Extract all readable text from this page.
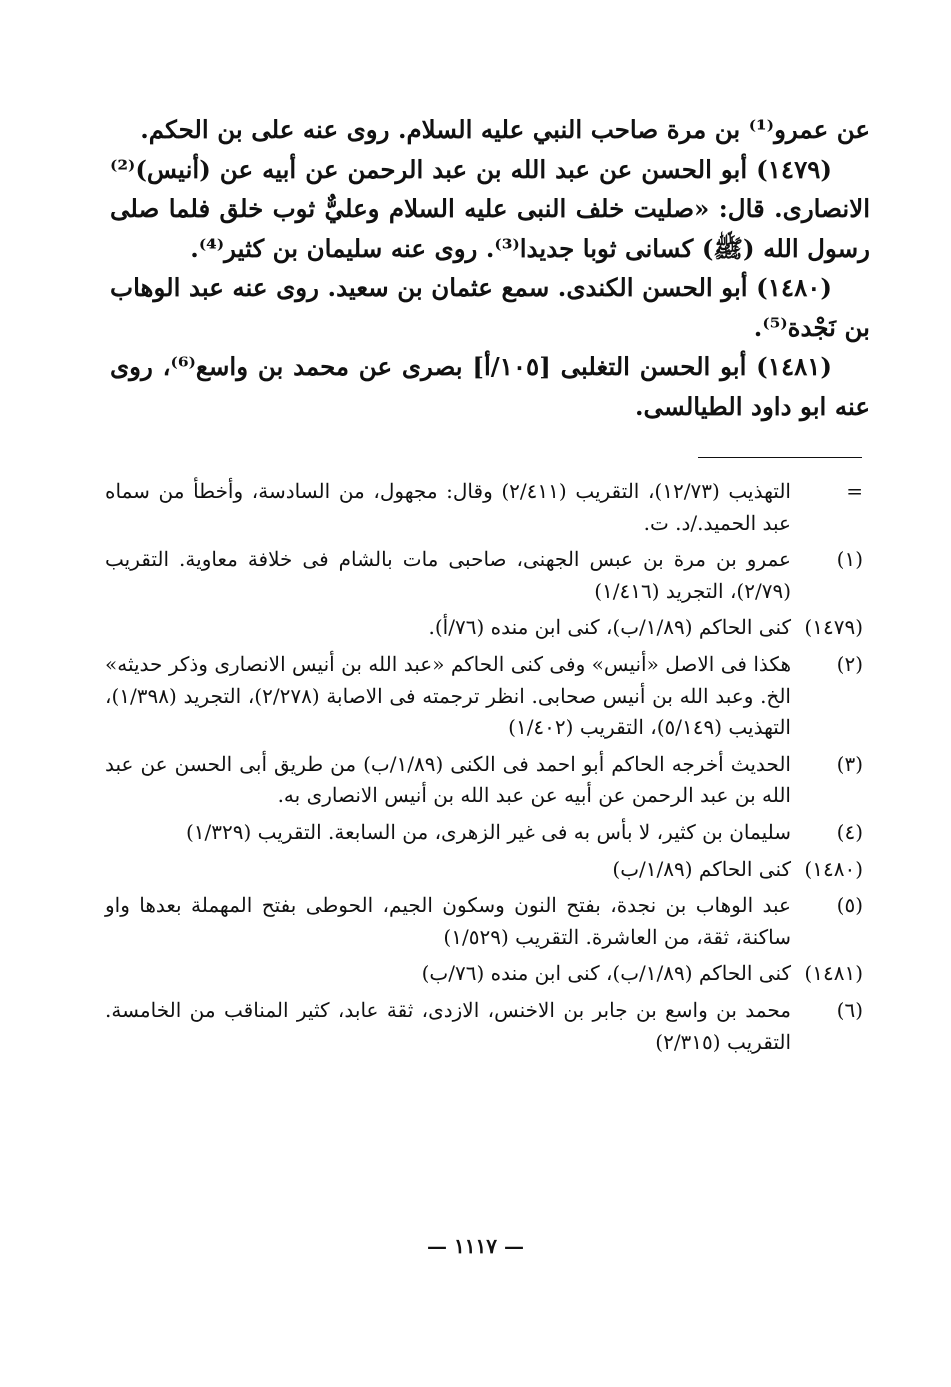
عن عمرو⁽¹⁾ بن مرة صاحب النبي عليه السلام. روى عنه على بن الحكم.

(١٤٧٩) أبو الحسن عن عبد الله بن عبد الرحمن عن أبيه عن (أنيس)⁽²⁾ الانصارى. قال: «صليت خلف النبى عليه السلام وعليٌّ ثوب خلق فلما صلى رسول الله (ﷺ) كسانى ثوبا جديدا⁽³⁾. روى عنه سليمان بن كثير⁽⁴⁾.

(١٤٨٠) أبو الحسن الكندى. سمع عثمان بن سعيد. روى عنه عبد الوهاب بن نَجْدة⁽⁵⁾.

(١٤٨١) أبو الحسن التغلبى [١٠٥/أ] بصرى عن محمد بن واسع⁽⁶⁾، روى عنه ابو داود الطيالسى.

=
التهذيب (١٢/٧٣)، التقريب (٢/٤١١) وقال: مجهول، من السادسة، وأخطأ من سماه عبد الحميد./د. ت.
(١)
عمرو بن مرة بن عبس الجهنى، صاحبى مات بالشام فى خلافة معاوية. التقريب (٢/٧٩)، التجريد (١/٤١٦)
(١٤٧٩)
كنى الحاكم (١/٨٩/ب)، كنى ابن منده (٧٦/أ).
(٢)
هكذا فى الاصل «أنيس» وفى كنى الحاكم «عبد الله بن أنيس الانصارى وذكر حديثه» الخ. وعبد الله بن أنيس صحابى. انظر ترجمته فى الاصابة (٢/٢٧٨)، التجريد (١/٣٩٨)، التهذيب (٥/١٤٩)، التقريب (١/٤٠٢)
(٣)
الحديث أخرجه الحاكم أبو احمد فى الكنى (١/٨٩/ب) من طريق أبى الحسن عن عبد الله بن عبد الرحمن عن أبيه عن عبد الله بن أنيس الانصارى به.
(٤)
سليمان بن كثير، لا بأس به فى غير الزهرى، من السابعة. التقريب (١/٣٢٩)
(١٤٨٠)
كنى الحاكم (١/٨٩/ب)
(٥)
عبد الوهاب بن نجدة، بفتح النون وسكون الجيم، الحوطى بفتح المهملة بعدها واو ساكنة، ثقة، من العاشرة. التقريب (١/٥٢٩)
(١٤٨١)
كنى الحاكم (١/٨٩/ب)، كنى ابن منده (٧٦/ب)
(٦)
محمد بن واسع بن جابر بن الاخنس، الازدى، ثقة عابد، كثير المناقب من الخامسة. التقريب (٢/٣١٥)
— ١١١٧ —
